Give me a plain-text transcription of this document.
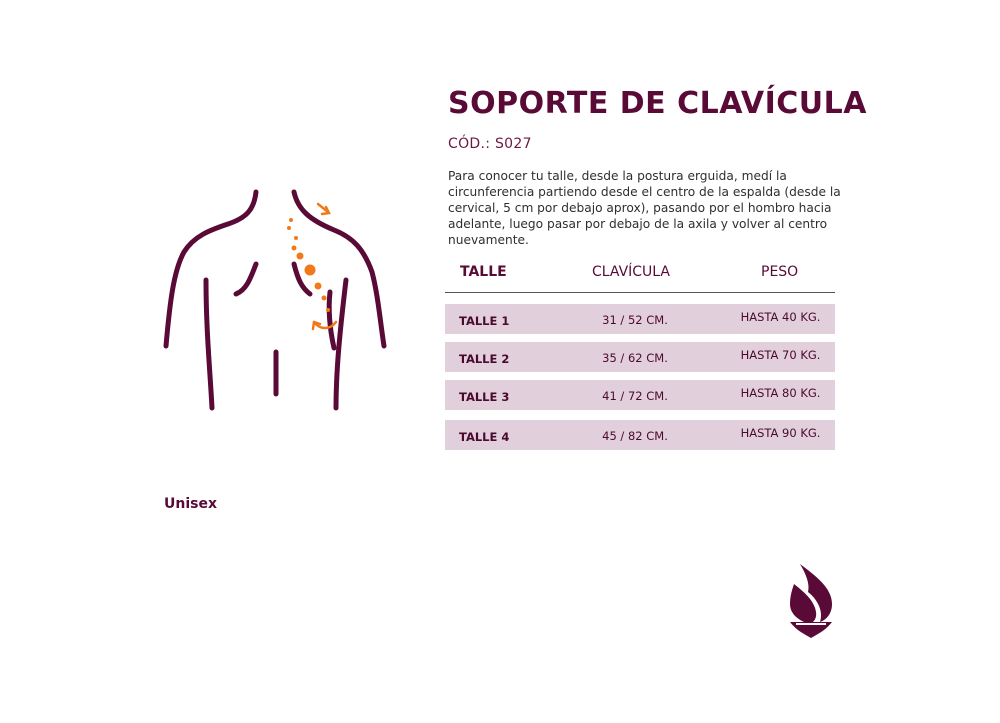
SOPORTE DE CLAVÍCULA
CÓD.: S027

Para conocer tu talle, desde la postura erguida, medí la circunferencia partiendo desde el centro de la espalda (desde la cervical, 5 cm por debajo aprox), pasando por el hombro hacia adelante, luego pasar por debajo de la axila y volver al centro nuevamente.

TALLE	CLAVÍCULA	PESO
TALLE 1	31 / 52 CM.	HASTA 40 KG.
TALLE 2	35 / 62 CM.	HASTA 70 KG.
TALLE 3	41 / 72 CM.	HASTA 80 KG.
TALLE 4	45 / 82 CM.	HASTA 90 KG.
Unisex
